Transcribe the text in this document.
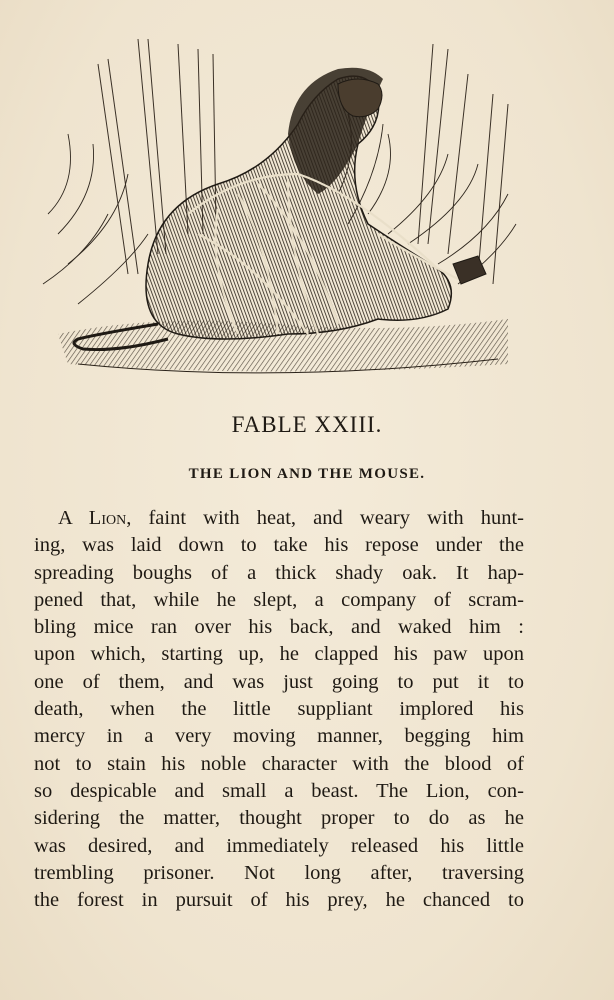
FABLE XXIII.
THE LION AND THE MOUSE.
A Lion, faint with heat, and weary with hunt-
ing, was laid down to take his repose under the
spreading boughs of a thick shady oak. It hap-
pened that, while he slept, a company of scram-
bling mice ran over his back, and waked him :
upon which, starting up, he clapped his paw upon
one of them, and was just going to put it to
death, when the little suppliant implored his
mercy in a very moving manner, begging him
not to stain his noble character with the blood of
so despicable and small a beast. The Lion, con-
sidering the matter, thought proper to do as he
was desired, and immediately released his little
trembling prisoner. Not long after, traversing
the forest in pursuit of his prey, he chanced to
